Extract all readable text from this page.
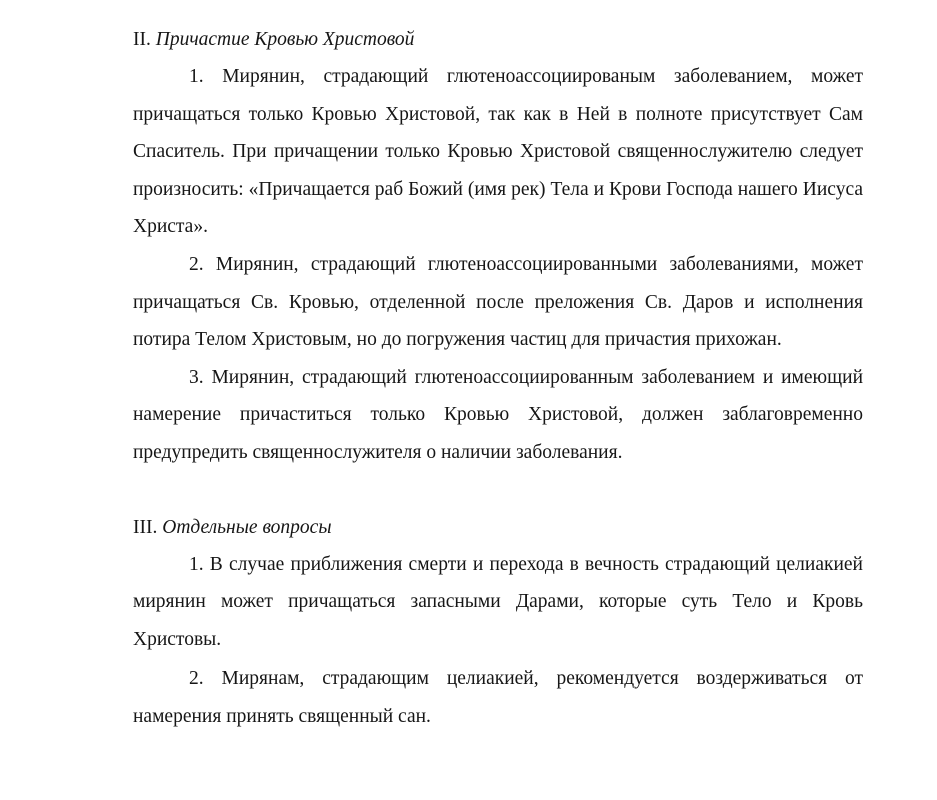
II. Причастие Кровью Христовой

1. Мирянин, страдающий глютеноассоциированым заболеванием, может причащаться только Кровью Христовой, так как в Ней в полноте присутствует Сам Спаситель. При причащении только Кровью Христовой священнослужителю следует произносить: «Причащается раб Божий (имя рек) Тела и Крови Господа нашего Иисуса Христа».

2. Мирянин, страдающий глютеноассоциированными заболеваниями, может причащаться Св. Кровью, отделенной после преложения Св. Даров и исполнения потира Телом Христовым, но до погружения частиц для причастия прихожан.

3. Мирянин, страдающий глютеноассоциированным заболеванием и имеющий намерение причаститься только Кровью Христовой, должен заблаговременно предупредить священнослужителя о наличии заболевания.

III. Отдельные вопросы

1. В случае приближения смерти и перехода в вечность страдающий целиакией мирянин может причащаться запасными Дарами, которые суть Тело и Кровь Христовы.

2. Мирянам, страдающим целиакией, рекомендуется воздерживаться от намерения принять священный сан.
